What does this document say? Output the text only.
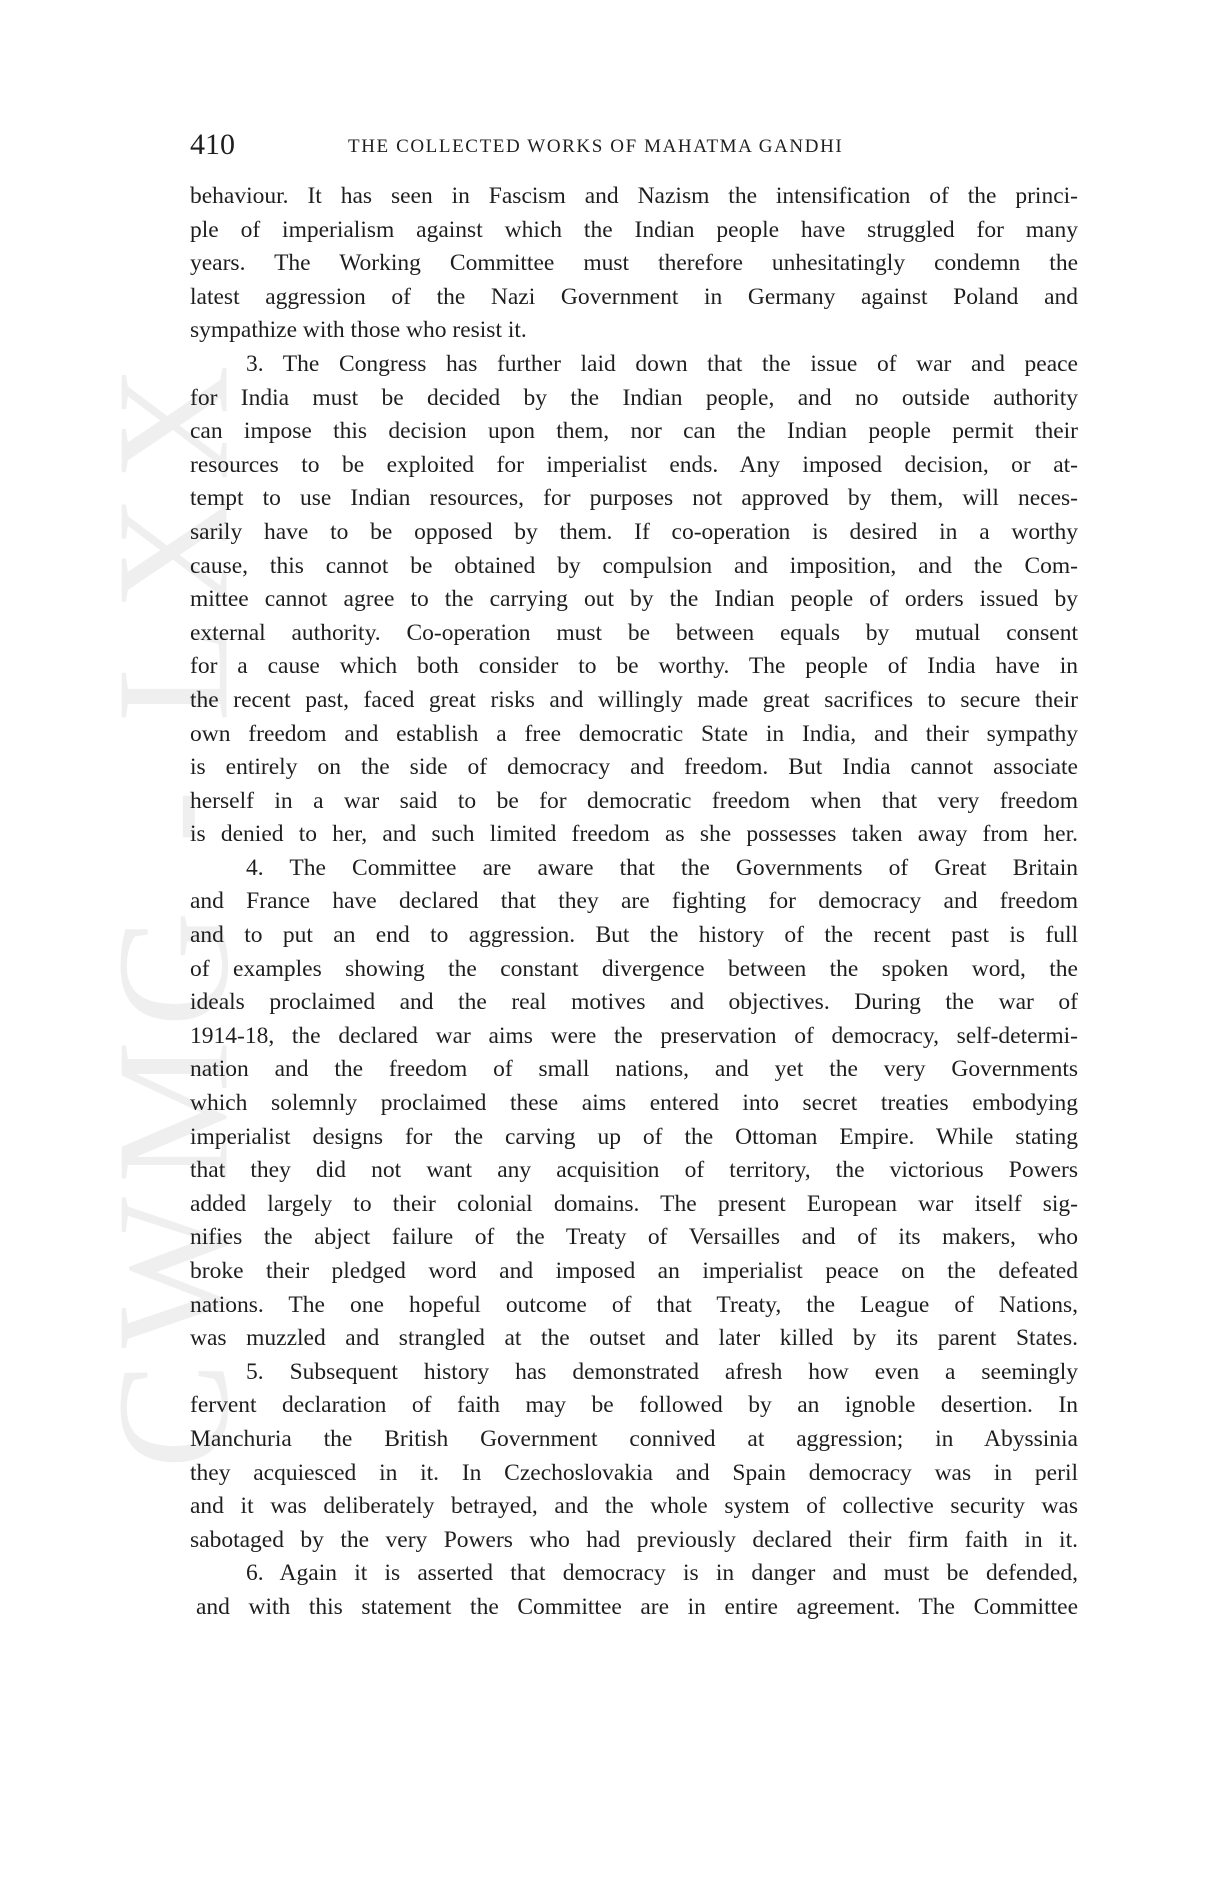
CWMG - LXX
410	THE COLLECTED WORKS OF MAHATMA GANDHI
behaviour. It has seen in Fascism and Nazism the intensification of the princi-
ple of imperialism against which the Indian people have struggled for many
years. The Working Committee must therefore unhesitatingly condemn the
latest aggression of the Nazi Government in Germany against Poland and
sympathize with those who resist it.
3. The Congress has further laid down that the issue of war and peace
for India must be decided by the Indian people, and no outside authority
can impose this decision upon them, nor can the Indian people permit their
resources to be exploited for imperialist ends. Any imposed decision, or at-
tempt to use Indian resources, for purposes not approved by them, will neces-
sarily have to be opposed by them. If co-operation is desired in a worthy
cause, this cannot be obtained by compulsion and imposition, and the Com-
mittee cannot agree to the carrying out by the Indian people of orders issued by
external authority. Co-operation must be between equals by mutual consent
for a cause which both consider to be worthy. The people of India have in
the recent past, faced great risks and willingly made great sacrifices to secure their
own freedom and establish a free democratic State in India, and their sympathy
is entirely on the side of democracy and freedom. But India cannot associate
herself in a war said to be for democratic freedom when that very freedom
is denied to her, and such limited freedom as she possesses taken away from her.
4. The Committee are aware that the Governments of Great Britain
and France have declared that they are fighting for democracy and freedom
and to put an end to aggression. But the history of the recent past is full
of examples showing the constant divergence between the spoken word, the
ideals proclaimed and the real motives and objectives. During the war of
1914-18, the declared war aims were the preservation of democracy, self-determi-
nation and the freedom of small nations, and yet the very Governments
which solemnly proclaimed these aims entered into secret treaties embodying
imperialist designs for the carving up of the Ottoman Empire. While stating
that they did not want any acquisition of territory, the victorious Powers
added largely to their colonial domains. The present European war itself sig-
nifies the abject failure of the Treaty of Versailles and of its makers, who
broke their pledged word and imposed an imperialist peace on the defeated
nations. The one hopeful outcome of that Treaty, the League of Nations,
was muzzled and strangled at the outset and later killed by its parent States.
5. Subsequent history has demonstrated afresh how even a seemingly
fervent declaration of faith may be followed by an ignoble desertion. In
Manchuria the British Government connived at aggression; in Abyssinia
they acquiesced in it. In Czechoslovakia and Spain democracy was in peril
and it was deliberately betrayed, and the whole system of collective security was
sabotaged by the very Powers who had previously declared their firm faith in it.
6. Again it is asserted that democracy is in danger and must be defended,
and with this statement the Committee are in entire agreement. The Committee
